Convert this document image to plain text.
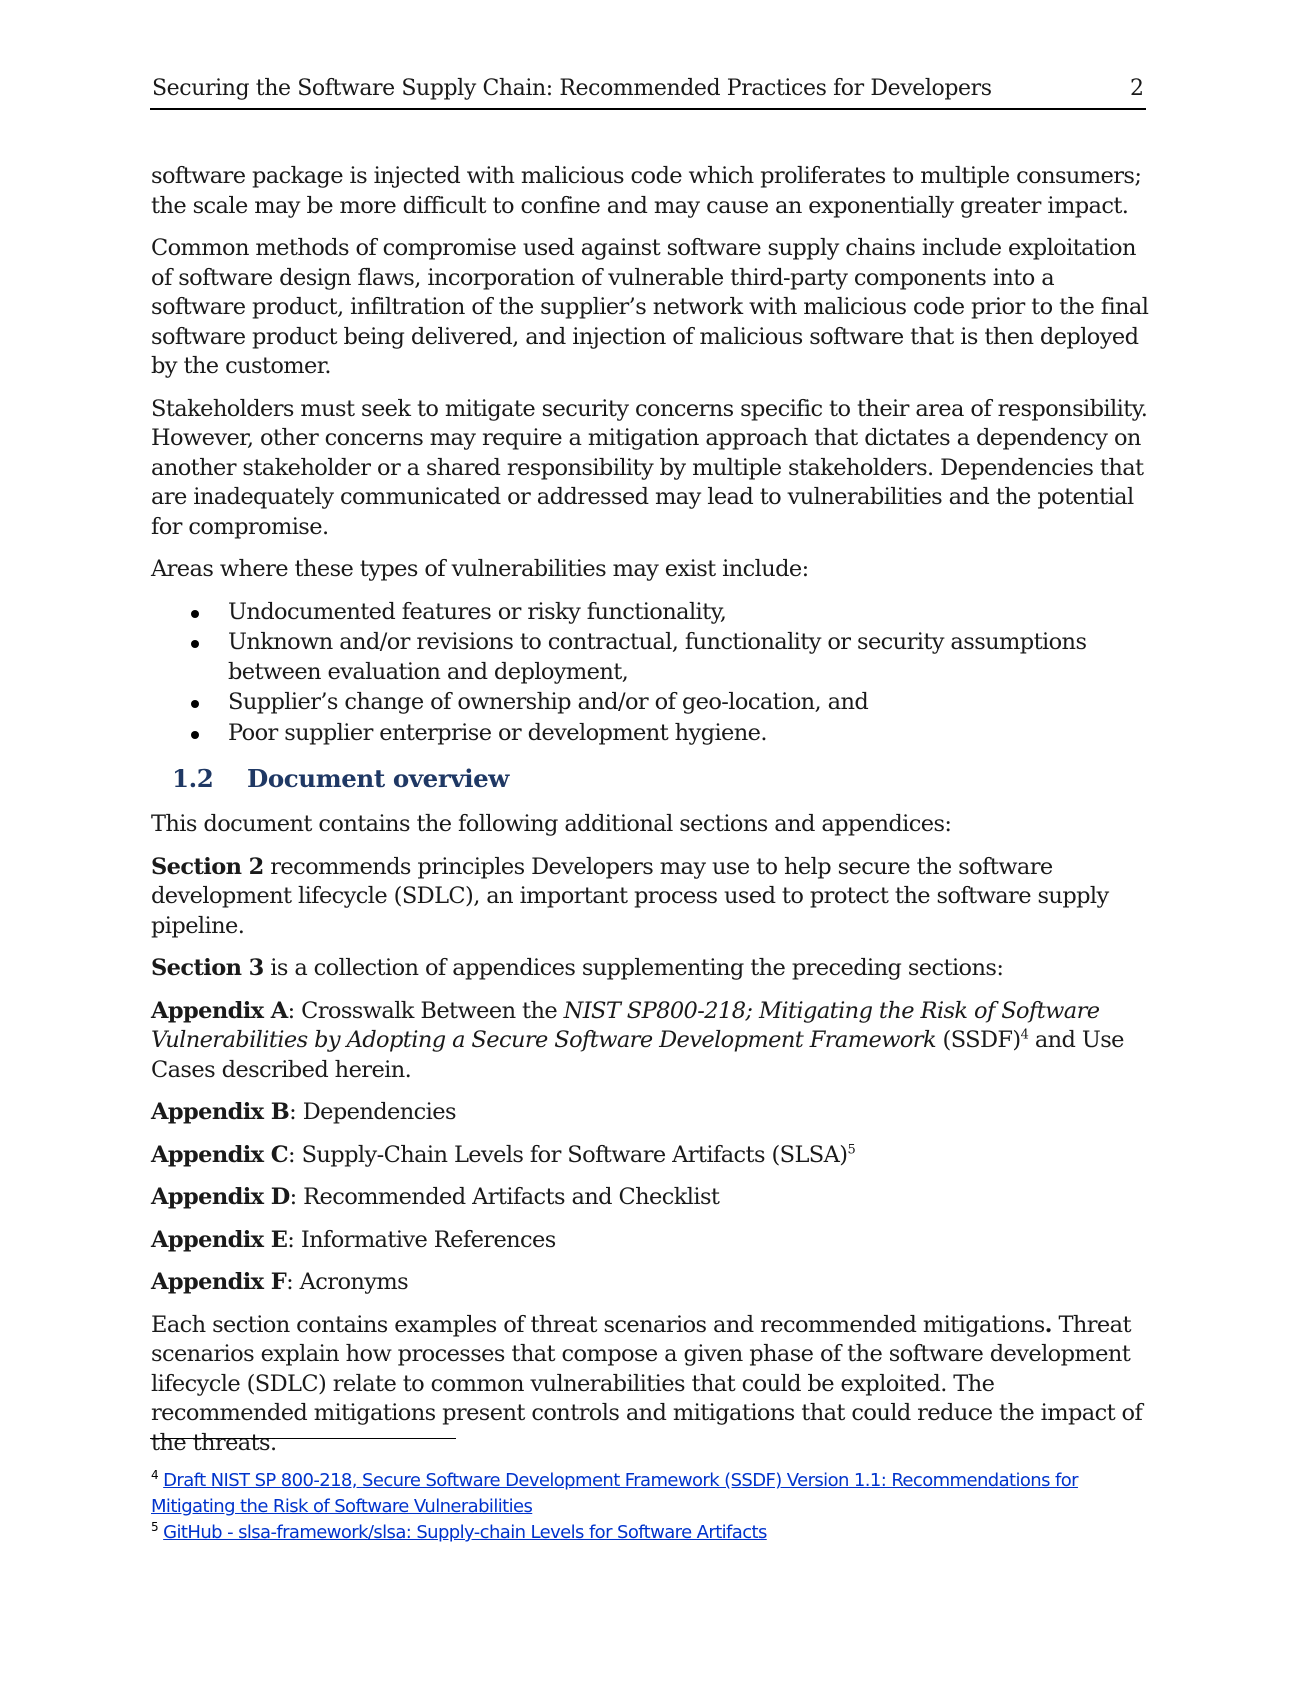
Securing the Software Supply Chain: Recommended Practices for Developers	2

software package is injected with malicious code which proliferates to multiple consumers; the scale may be more difficult to confine and may cause an exponentially greater impact.

Common methods of compromise used against software supply chains include exploitation of software design flaws, incorporation of vulnerable third-party components into a software product, infiltration of the supplier’s network with malicious code prior to the final software product being delivered, and injection of malicious software that is then deployed by the customer.

Stakeholders must seek to mitigate security concerns specific to their area of responsibility. However, other concerns may require a mitigation approach that dictates a dependency on another stakeholder or a shared responsibility by multiple stakeholders. Dependencies that are inadequately communicated or addressed may lead to vulnerabilities and the potential for compromise.

Areas where these types of vulnerabilities may exist include:

Undocumented features or risky functionality,
Unknown and/or revisions to contractual, functionality or security assumptions between evaluation and deployment,
Supplier’s change of ownership and/or of geo-location, and
Poor supplier enterprise or development hygiene.
1.2 Document overview

This document contains the following additional sections and appendices:

Section 2 recommends principles Developers may use to help secure the software development lifecycle (SDLC), an important process used to protect the software supply pipeline.

Section 3 is a collection of appendices supplementing the preceding sections:

Appendix A: Crosswalk Between the NIST SP800-218; Mitigating the Risk of Software Vulnerabilities by Adopting a Secure Software Development Framework (SSDF)$^4$ and Use Cases described herein.

Appendix B: Dependencies

Appendix C: Supply-Chain Levels for Software Artifacts (SLSA)$^5$

Appendix D: Recommended Artifacts and Checklist

Appendix E: Informative References

Appendix F: Acronyms

Each section contains examples of threat scenarios and recommended mitigations. Threat scenarios explain how processes that compose a given phase of the software development lifecycle (SDLC) relate to common vulnerabilities that could be exploited. The recommended mitigations present controls and mitigations that could reduce the impact of the threats.

$^4$ Draft NIST SP 800-218, Secure Software Development Framework (SSDF) Version 1.1: Recommendations for Mitigating the Risk of Software Vulnerabilities

$^5$ GitHub - slsa-framework/slsa: Supply-chain Levels for Software Artifacts
